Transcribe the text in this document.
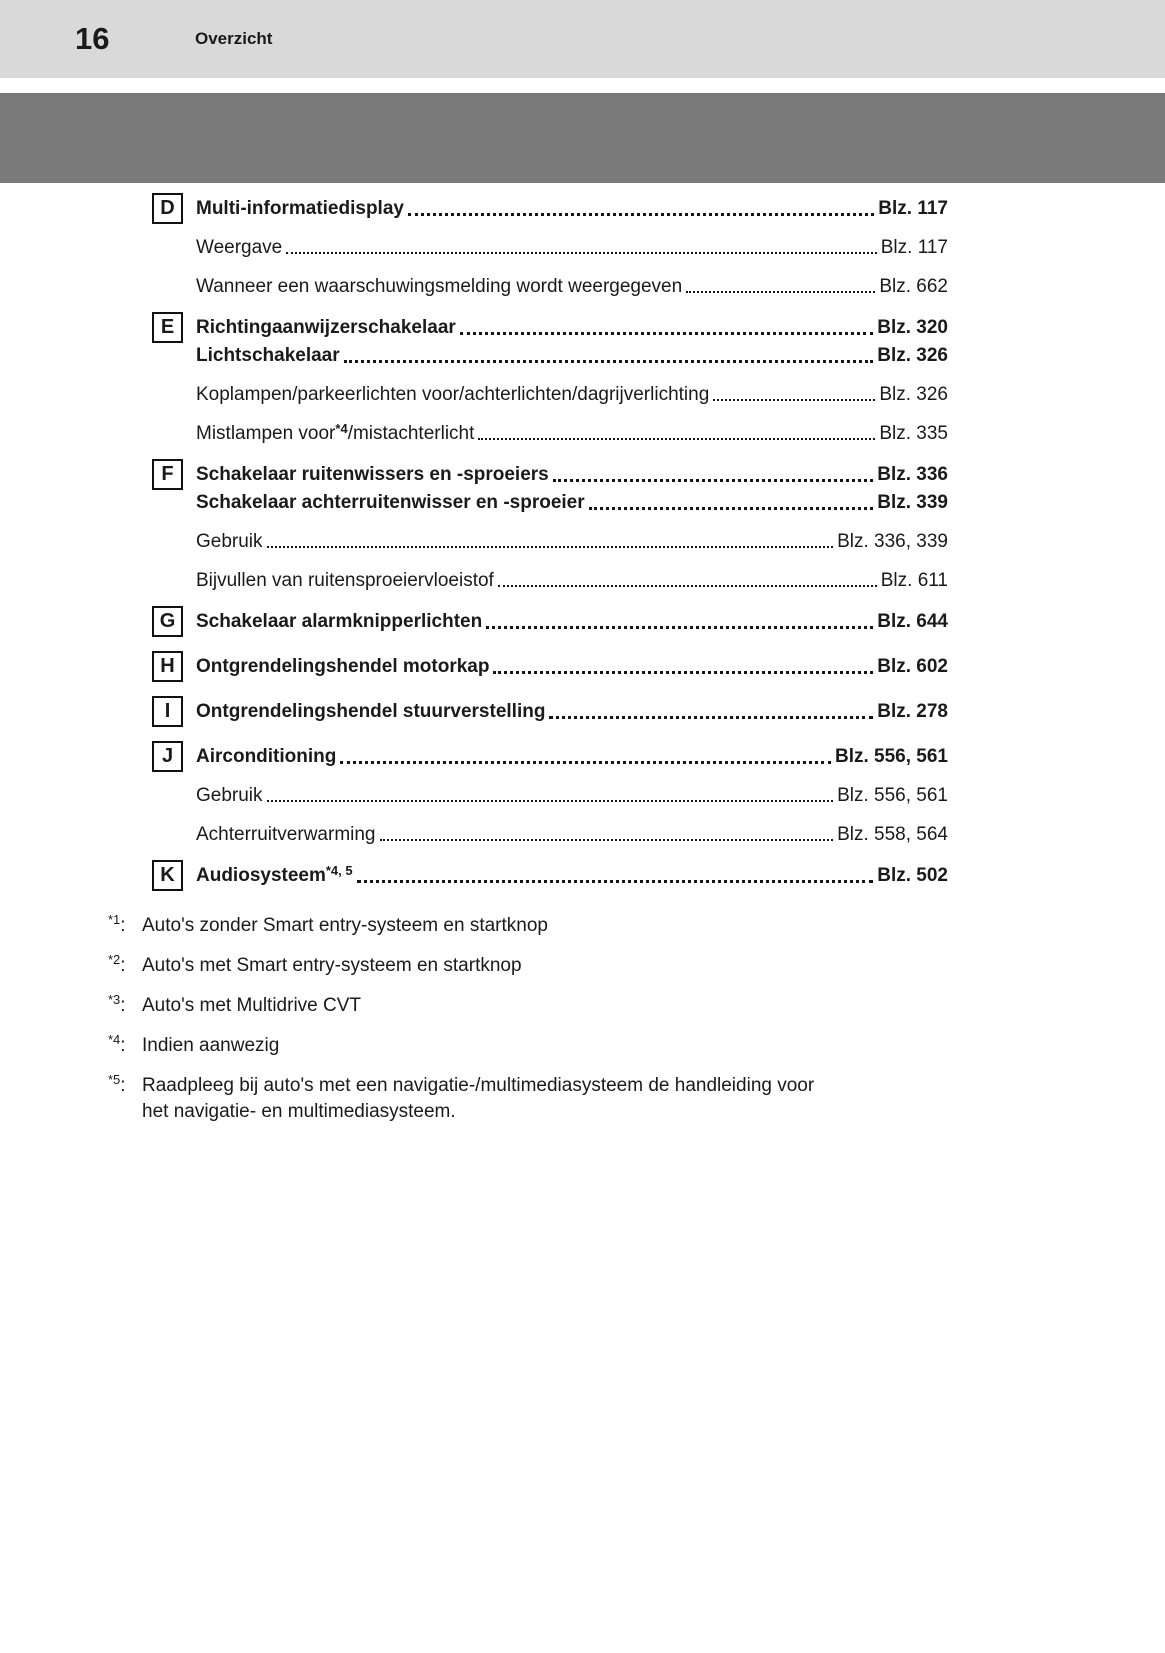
16	Overzicht
D Multi-informatiedisplay	Blz. 117
Weergave	Blz. 117
Wanneer een waarschuwingsmelding wordt weergegeven	Blz. 662
E Richtingaanwijzerschakelaar	Blz. 320
Lichtschakelaar	Blz. 326
Koplampen/parkeerlichten voor/achterlichten/dagrijverlichting	Blz. 326
Mistlampen voor$^{*4}$/mistachterlicht	Blz. 335
F Schakelaar ruitenwissers en -sproeiers	Blz. 336
Schakelaar achterruitenwisser en -sproeier	Blz. 339
Gebruik	Blz. 336, 339
Bijvullen van ruitensproeiervloeistof	Blz. 611
G Schakelaar alarmknipperlichten	Blz. 644
H Ontgrendelingshendel motorkap	Blz. 602
I Ontgrendelingshendel stuurverstelling	Blz. 278
J Airconditioning	Blz. 556, 561
Gebruik	Blz. 556, 561
Achterruitverwarming	Blz. 558, 564
K Audiosysteem$^{*4, 5}$	Blz. 502
$^{*1}$: Auto's zonder Smart entry-systeem en startknop
$^{*2}$: Auto's met Smart entry-systeem en startknop
$^{*3}$: Auto's met Multidrive CVT
$^{*4}$: Indien aanwezig
$^{*5}$: Raadpleeg bij auto's met een navigatie-/multimediasysteem de handleiding voor het navigatie- en multimediasysteem.
